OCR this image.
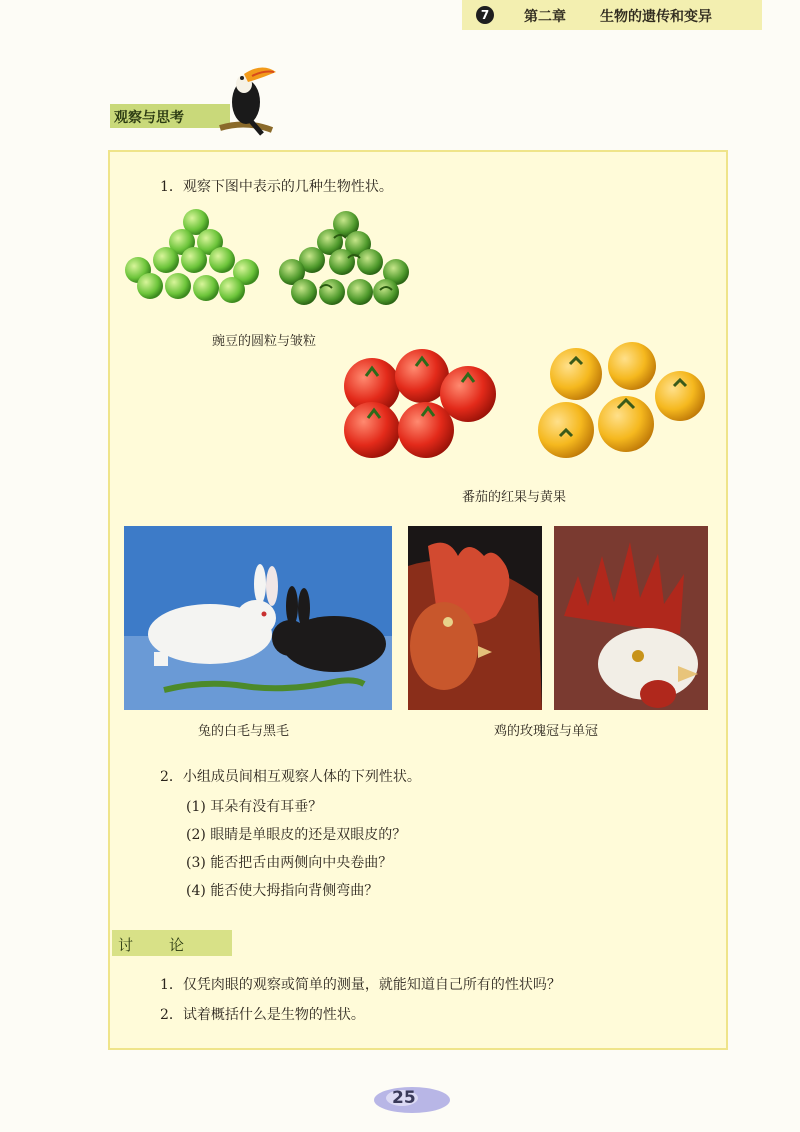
7	第二章 生物的遗传和变异
观察与思考
1．观察下图中表示的几种生物性状。
豌豆的圆粒与皱粒
番茄的红果与黄果
兔的白毛与黑毛	鸡的玫瑰冠与单冠
2．小组成员间相互观察人体的下列性状。
(1) 耳朵有没有耳垂？
(2) 眼睛是单眼皮的还是双眼皮的？
(3) 能否把舌由两侧向中央卷曲？
(4) 能否使大拇指向背侧弯曲？
讨论
1．仅凭肉眼的观察或简单的测量，就能知道自己所有的性状吗？
2．试着概括什么是生物的性状。
25
